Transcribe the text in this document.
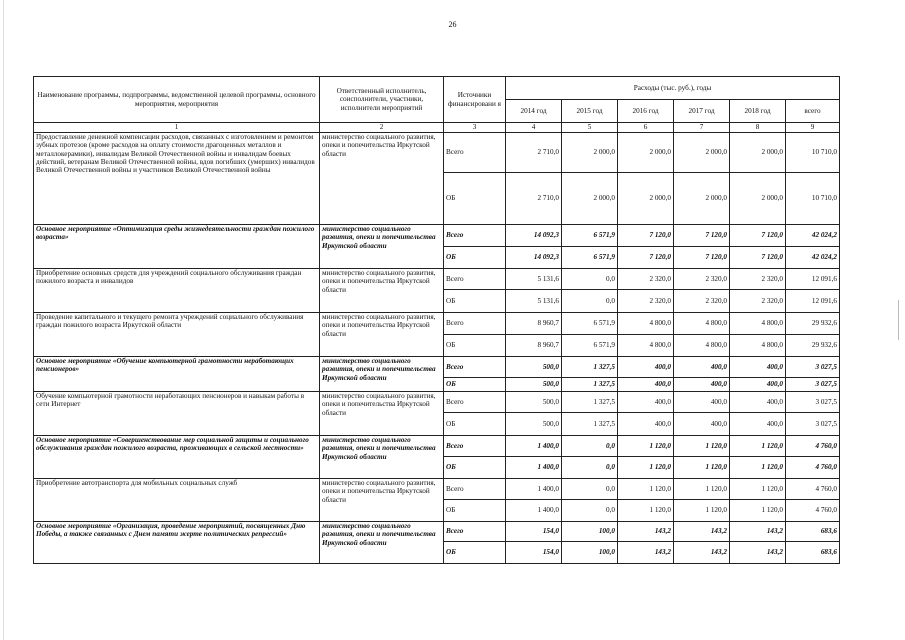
26
Наименование программы, подпрограммы, ведомственной целевой программы, основного мероприятия, мероприятия	Ответственный исполнитель, соисполнители, участники, исполнители мероприятий	Источники финансировани я	Расходы (тыс. руб.), годы					
			2014 год	2015 год	2016 год	2017 год	2018 год	всего
1	2	3	4	5	6	7	8	9
Предоставление денежной компенсации расходов, связанных с изготовлением и ремонтом зубных протезов (кроме расходов на оплату стоимости драгоценных металлов и металлокерамики), инвалидам Великой Отечественной войны и инвалидам боевых действий, ветеранам Великой Отечественной войны, вдов погибших (умерших) инвалидов Великой Отечественной войны и участников Великой Отечественной войны	министерство социального развития, опеки и попечительства Иркутской области	Всего	2 710,0	2 000,0	2 000,0	2 000,0	2 000,0	10 710,0
		ОБ	2 710,0	2 000,0	2 000,0	2 000,0	2 000,0	10 710,0
Основное мероприятие «Оптимизация среды жизнедеятельности граждан пожилого возраста»	министерство социального развития, опеки и попечительства Иркутской области	Всего	14 092,3	6 571,9	7 120,0	7 120,0	7 120,0	42 024,2
		ОБ	14 092,3	6 571,9	7 120,0	7 120,0	7 120,0	42 024,2
Приобретение основных средств для учреждений социального обслуживания граждан пожилого возраста и инвалидов	министерство социального развития, опеки и попечительства Иркутской области	Всего	5 131,6	0,0	2 320,0	2 320,0	2 320,0	12 091,6
		ОБ	5 131,6	0,0	2 320,0	2 320,0	2 320,0	12 091,6
Проведение капитального и текущего ремонта учреждений социального обслуживания граждан пожилого возраста Иркутской области	министерство социального развития, опеки и попечительства Иркутской области	Всего	8 960,7	6 571,9	4 800,0	4 800,0	4 800,0	29 932,6
		ОБ	8 960,7	6 571,9	4 800,0	4 800,0	4 800,0	29 932,6
Основное мероприятие «Обучение компьютерной грамотности неработающих пенсионеров»	министерство социального развития, опеки и попечительства Иркутской области	Всего	500,0	1 327,5	400,0	400,0	400,0	3 027,5
		ОБ	500,0	1 327,5	400,0	400,0	400,0	3 027,5
Обучение компьютерной грамотности неработающих пенсионеров и навыкам работы в сети Интернет	министерство социального развития, опеки и попечительства Иркутской области	Всего	500,0	1 327,5	400,0	400,0	400,0	3 027,5
		ОБ	500,0	1 327,5	400,0	400,0	400,0	3 027,5
Основное мероприятие «Совершенствование мер социальной защиты и социального обслуживания граждан пожилого возраста, проживающих в сельской местности»	министерство социального развития, опеки и попечительства Иркутской области	Всего	1 400,0	0,0	1 120,0	1 120,0	1 120,0	4 760,0
		ОБ	1 400,0	0,0	1 120,0	1 120,0	1 120,0	4 760,0
Приобретение автотранспорта для мобильных социальных служб	министерство социального развития, опеки и попечительства Иркутской области	Всего	1 400,0	0,0	1 120,0	1 120,0	1 120,0	4 760,0
		ОБ	1 400,0	0,0	1 120,0	1 120,0	1 120,0	4 760,0
Основное мероприятие «Организация, проведение мероприятий, посвященных Дню Победы, а также связанных с Днем памяти жерте политических репрессий»	министерство социального развития, опеки и попечительства Иркутской области	Всего	154,0	100,0	143,2	143,2	143,2	683,6
		ОБ	154,0	100,0	143,2	143,2	143,2	683,6
